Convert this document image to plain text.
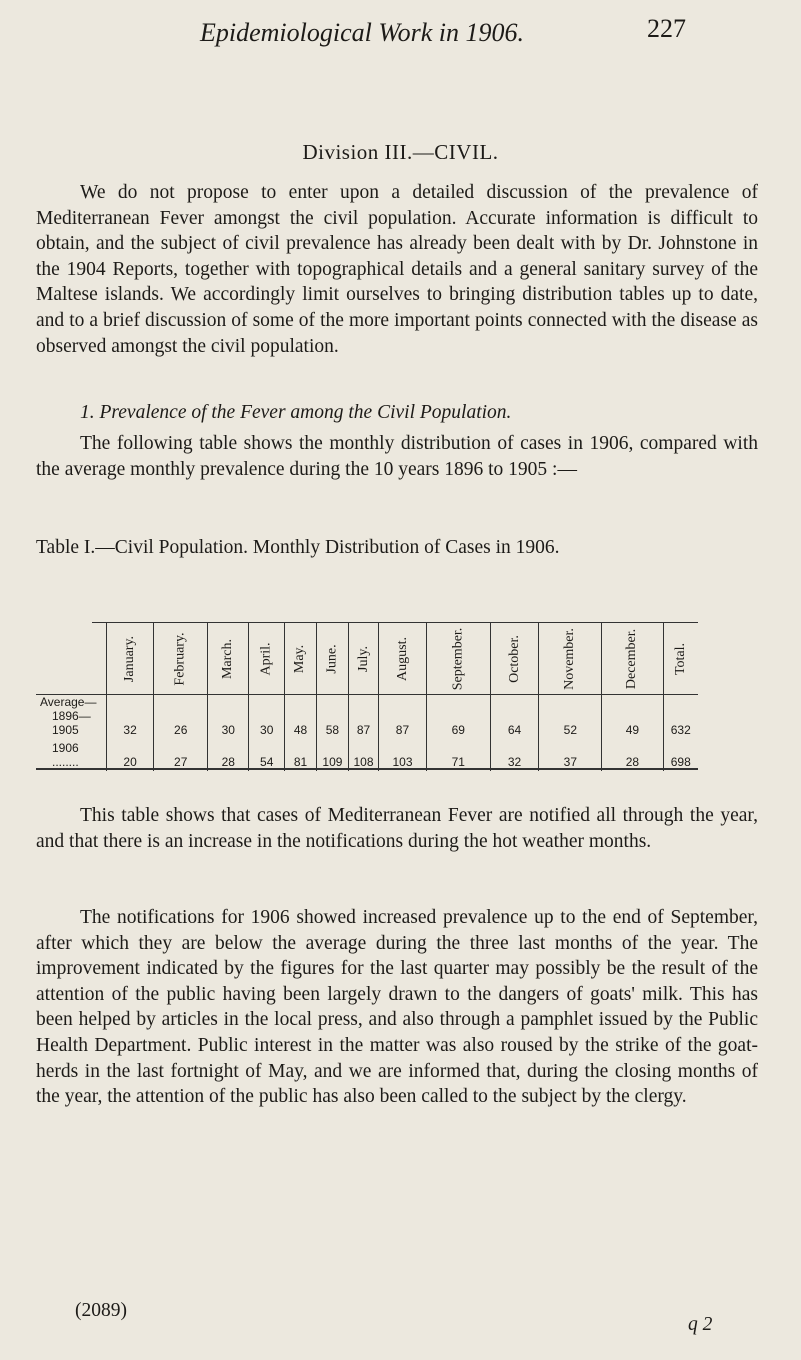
Epidemiological Work in 1906.	227
Division III.—CIVIL.

We do not propose to enter upon a detailed discussion of the prevalence of Mediterranean Fever amongst the civil population. Accurate information is difficult to obtain, and the subject of civil prevalence has already been dealt with by Dr. Johnstone in the 1904 Reports, together with topographical details and a general sanitary survey of the Maltese islands. We accordingly limit ourselves to bringing distribution tables up to date, and to a brief discussion of some of the more important points connected with the disease as observed amongst the civil population.

1. Prevalence of the Fever among the Civil Population.

The following table shows the monthly distribution of cases in 1906, compared with the average monthly prevalence during the 10 years 1896 to 1905 :—

Table I.—Civil Population. Monthly Distribution of Cases in 1906.
	January.	February.	March.	April.	May.	June.	July.	August.	September.	October.	November.	December.	Total.

Average—
1896—1905	32	26	30	30	48	58	87	87	69	64	52	49	632

1906 ........	20	27	28	54	81	109	108	103	71	32	37	28	698

This table shows that cases of Mediterranean Fever are notified all through the year, and that there is an increase in the notifications during the hot weather months.

The notifications for 1906 showed increased prevalence up to the end of September, after which they are below the average during the three last months of the year. The improvement indicated by the figures for the last quarter may possibly be the result of the attention of the public having been largely drawn to the dangers of goats' milk. This has been helped by articles in the local press, and also through a pamphlet issued by the Public Health Department. Public interest in the matter was also roused by the strike of the goat-herds in the last fortnight of May, and we are informed that, during the closing months of the year, the attention of the public has also been called to the subject by the clergy.

(2089)
q 2
